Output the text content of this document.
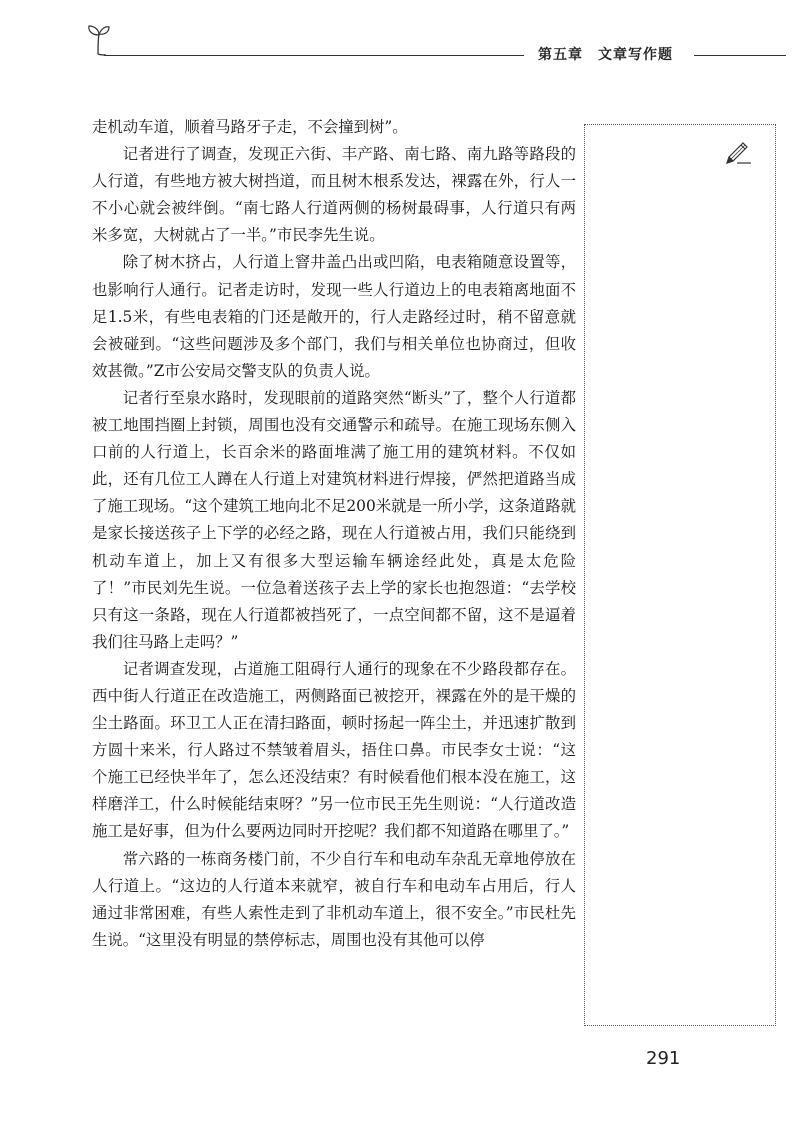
第五章　文章写作题

走机动车道，顺着马路牙子走，不会撞到树”。

记者进行了调查，发现正六街、丰产路、南七路、南九路等路段的人行道，有些地方被大树挡道，而且树木根系发达，裸露在外，行人一不小心就会被绊倒。“南七路人行道两侧的杨树最碍事，人行道只有两米多宽，大树就占了一半。”市民李先生说。

除了树木挤占，人行道上窨井盖凸出或凹陷，电表箱随意设置等，也影响行人通行。记者走访时，发现一些人行道边上的电表箱离地面不足1.5米，有些电表箱的门还是敞开的，行人走路经过时，稍不留意就会被碰到。“这些问题涉及多个部门，我们与相关单位也协商过，但收效甚微。”Z市公安局交警支队的负责人说。

记者行至泉水路时，发现眼前的道路突然“断头”了，整个人行道都被工地围挡圈上封锁，周围也没有交通警示和疏导。在施工现场东侧入口前的人行道上，长百余米的路面堆满了施工用的建筑材料。不仅如此，还有几位工人蹲在人行道上对建筑材料进行焊接，俨然把道路当成了施工现场。“这个建筑工地向北不足200米就是一所小学，这条道路就是家长接送孩子上下学的必经之路，现在人行道被占用，我们只能绕到机动车道上，加上又有很多大型运输车辆途经此处，真是太危险了！”市民刘先生说。一位急着送孩子去上学的家长也抱怨道：“去学校只有这一条路，现在人行道都被挡死了，一点空间都不留，这不是逼着我们往马路上走吗？”

记者调查发现，占道施工阻碍行人通行的现象在不少路段都存在。西中街人行道正在改造施工，两侧路面已被挖开，裸露在外的是干燥的尘土路面。环卫工人正在清扫路面，顿时扬起一阵尘土，并迅速扩散到方圆十来米，行人路过不禁皱着眉头，捂住口鼻。市民李女士说：“这个施工已经快半年了，怎么还没结束？有时候看他们根本没在施工，这样磨洋工，什么时候能结束呀？”另一位市民王先生则说：“人行道改造施工是好事，但为什么要两边同时开挖呢？我们都不知道路在哪里了。”

常六路的一栋商务楼门前，不少自行车和电动车杂乱无章地停放在人行道上。“这边的人行道本来就窄，被自行车和电动车占用后，行人通过非常困难，有些人索性走到了非机动车道上，很不安全。”市民杜先生说。“这里没有明显的禁停标志，周围也没有其他可以停

291
